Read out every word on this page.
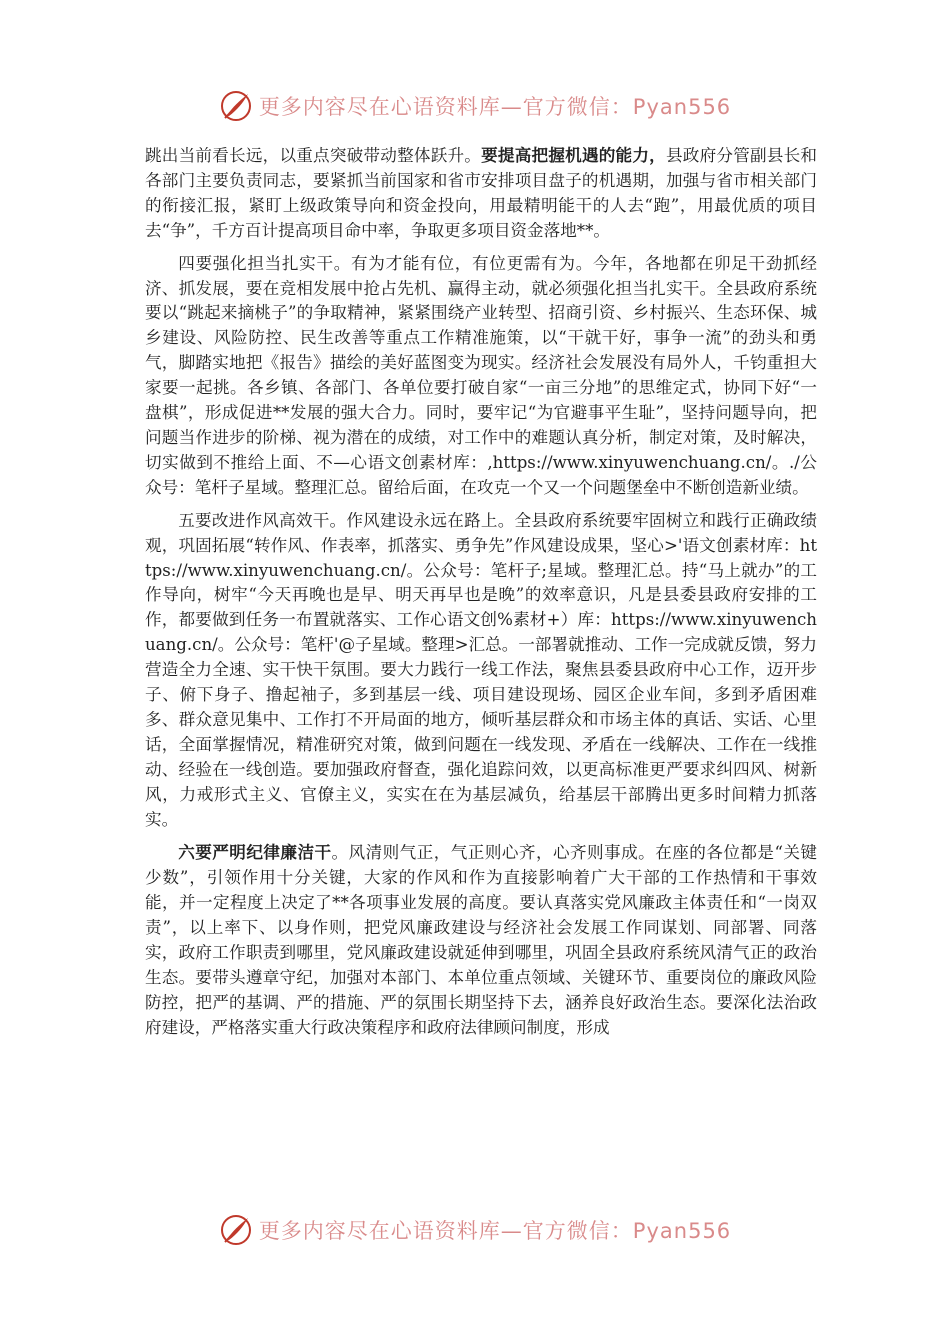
更多内容尽在心语资料库—官方微信：Pyan556

跳出当前看长远，以重点突破带动整体跃升。要提高把握机遇的能力，县政府分管副县长和各部门主要负责同志，要紧抓当前国家和省市安排项目盘子的机遇期，加强与省市相关部门的衔接汇报，紧盯上级政策导向和资金投向，用最精明能干的人去“跑”，用最优质的项目去“争”，千方百计提高项目命中率，争取更多项目资金落地**。

四要强化担当扎实干。有为才能有位，有位更需有为。今年，各地都在卯足干劲抓经济、抓发展，要在竞相发展中抢占先机、赢得主动，就必须强化担当扎实干。全县政府系统要以“跳起来摘桃子”的争取精神，紧紧围绕产业转型、招商引资、乡村振兴、生态环保、城乡建设、风险防控、民生改善等重点工作精准施策，以“干就干好，事争一流”的劲头和勇气，脚踏实地把《报告》描绘的美好蓝图变为现实。经济社会发展没有局外人，千钧重担大家要一起挑。各乡镇、各部门、各单位要打破自家“一亩三分地”的思维定式，协同下好“一盘棋”，形成促进**发展的强大合力。同时，要牢记“为官避事平生耻”，坚持问题导向，把问题当作进步的阶梯、视为潜在的成绩，对工作中的难题认真分析，制定对策，及时解决，切实做到不推给上面、不—心语文创素材库：,https://www.xinyuwenchuang.cn/。./公众号：笔杆子星域。整理汇总。留给后面，在攻克一个又一个问题堡垒中不断创造新业绩。

五要改进作风高效干。作风建设永远在路上。全县政府系统要牢固树立和践行正确政绩观，巩固拓展“转作风、作表率，抓落实、勇争先”作风建设成果，坚心>'语文创素材库：https://www.xinyuwenchuang.cn/。公众号：笔杆子;星域。整理汇总。持“马上就办”的工作导向，树牢“今天再晚也是早、明天再早也是晚”的效率意识，凡是县委县政府安排的工作，都要做到任务一布置就落实、工作心语文创%素材+）库：https://www.xinyuwenchuang.cn/。公众号：笔杆'@子星域。整理>汇总。一部署就推动、工作一完成就反馈，努力营造全力全速、实干快干氛围。要大力践行一线工作法，聚焦县委县政府中心工作，迈开步子、俯下身子、撸起袖子，多到基层一线、项目建设现场、园区企业车间，多到矛盾困难多、群众意见集中、工作打不开局面的地方，倾听基层群众和市场主体的真话、实话、心里话，全面掌握情况，精准研究对策，做到问题在一线发现、矛盾在一线解决、工作在一线推动、经验在一线创造。要加强政府督查，强化追踪问效，以更高标准更严要求纠四风、树新风，力戒形式主义、官僚主义，实实在在为基层减负，给基层干部腾出更多时间精力抓落实。

六要严明纪律廉洁干。风清则气正，气正则心齐，心齐则事成。在座的各位都是“关键少数”，引领作用十分关键，大家的作风和作为直接影响着广大干部的工作热情和干事效能，并一定程度上决定了**各项事业发展的高度。要认真落实党风廉政主体责任和“一岗双责”，以上率下、以身作则，把党风廉政建设与经济社会发展工作同谋划、同部署、同落实，政府工作职责到哪里，党风廉政建设就延伸到哪里，巩固全县政府系统风清气正的政治生态。要带头遵章守纪，加强对本部门、本单位重点领域、关键环节、重要岗位的廉政风险防控，把严的基调、严的措施、严的氛围长期坚持下去，涵养良好政治生态。要深化法治政府建设，严格落实重大行政决策程序和政府法律顾问制度，形成

更多内容尽在心语资料库—官方微信：Pyan556
